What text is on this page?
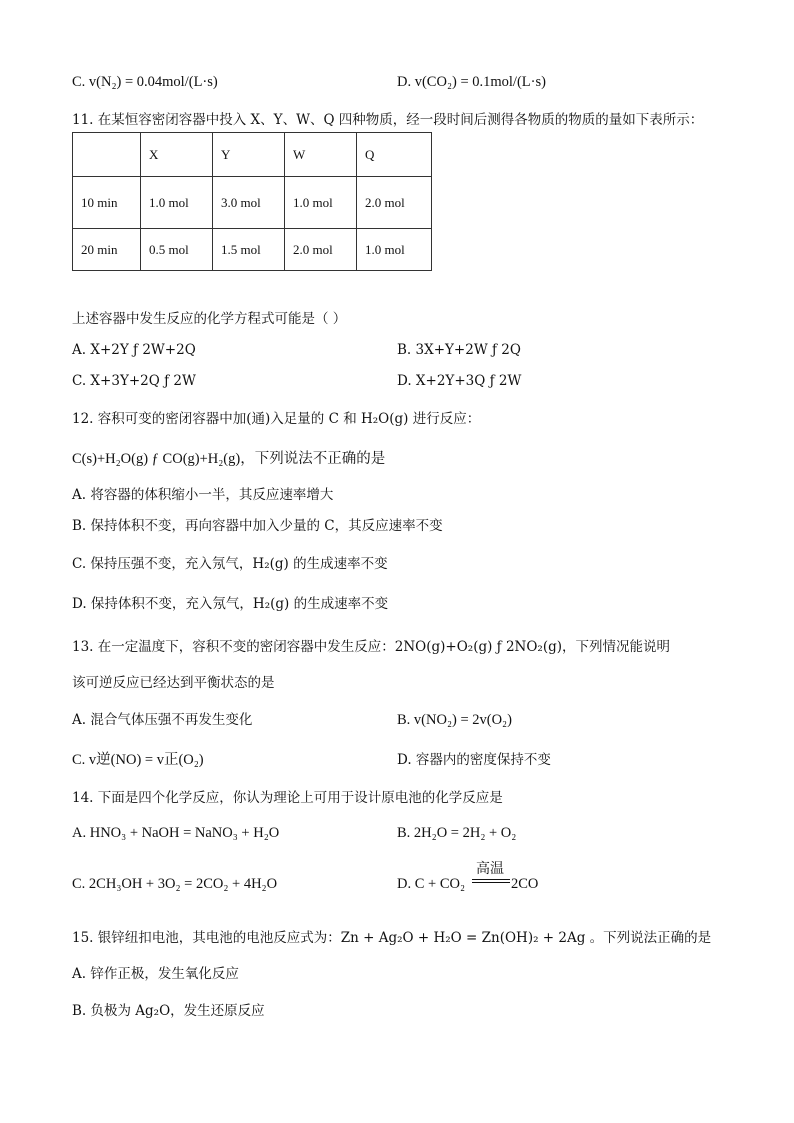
C. v(N₂) = 0.04mol/(L·s)	D. v(CO₂) = 0.1mol/(L·s)
11. 在某恒容密闭容器中投入 X、Y、W、Q 四种物质，经一段时间后测得各物质的物质的量如下表所示：
	X	Y	W	Q
10 min	1.0 mol	3.0 mol	1.0 mol	2.0 mol
20 min	0.5 mol	1.5 mol	2.0 mol	1.0 mol
上述容器中发生反应的化学方程式可能是（ ）
A. X+2Y ƒ 2W+2Q	B. 3X+Y+2W ƒ 2Q
C. X+3Y+2Q ƒ 2W	D. X+2Y+3Q ƒ 2W
12. 容积可变的密闭容器中加(通)入足量的 C 和 H₂O(g) 进行反应：
C(s)+H₂O(g) ƒ CO(g)+H₂(g)，下列说法不正确的是
A. 将容器的体积缩小一半，其反应速率增大
B. 保持体积不变，再向容器中加入少量的 C，其反应速率不变
C. 保持压强不变，充入氖气，H₂(g) 的生成速率不变
D. 保持体积不变，充入氖气，H₂(g) 的生成速率不变
13. 在一定温度下，容积不变的密闭容器中发生反应：2NO(g)+O₂(g) ƒ 2NO₂(g)，下列情况能说明
该可逆反应已经达到平衡状态的是
A. 混合气体压强不再发生变化	B. v(NO₂) = 2v(O₂)
C. v逆(NO) = v正(O₂)	D. 容器内的密度保持不变
14. 下面是四个化学反应，你认为理论上可用于设计原电池的化学反应是
A. HNO₃ + NaOH = NaNO₃ + H₂O	B. 2H₂O = 2H₂ + O₂
C. 2CH₃OH + 3O₂ = 2CO₂ + 4H₂O	D. C + CO₂
高温
2CO
15. 银锌纽扣电池，其电池的电池反应式为：Zn + Ag₂O + H₂O = Zn(OH)₂ + 2Ag 。下列说法正确的是
A. 锌作正极，发生氧化反应
B. 负极为 Ag₂O，发生还原反应
